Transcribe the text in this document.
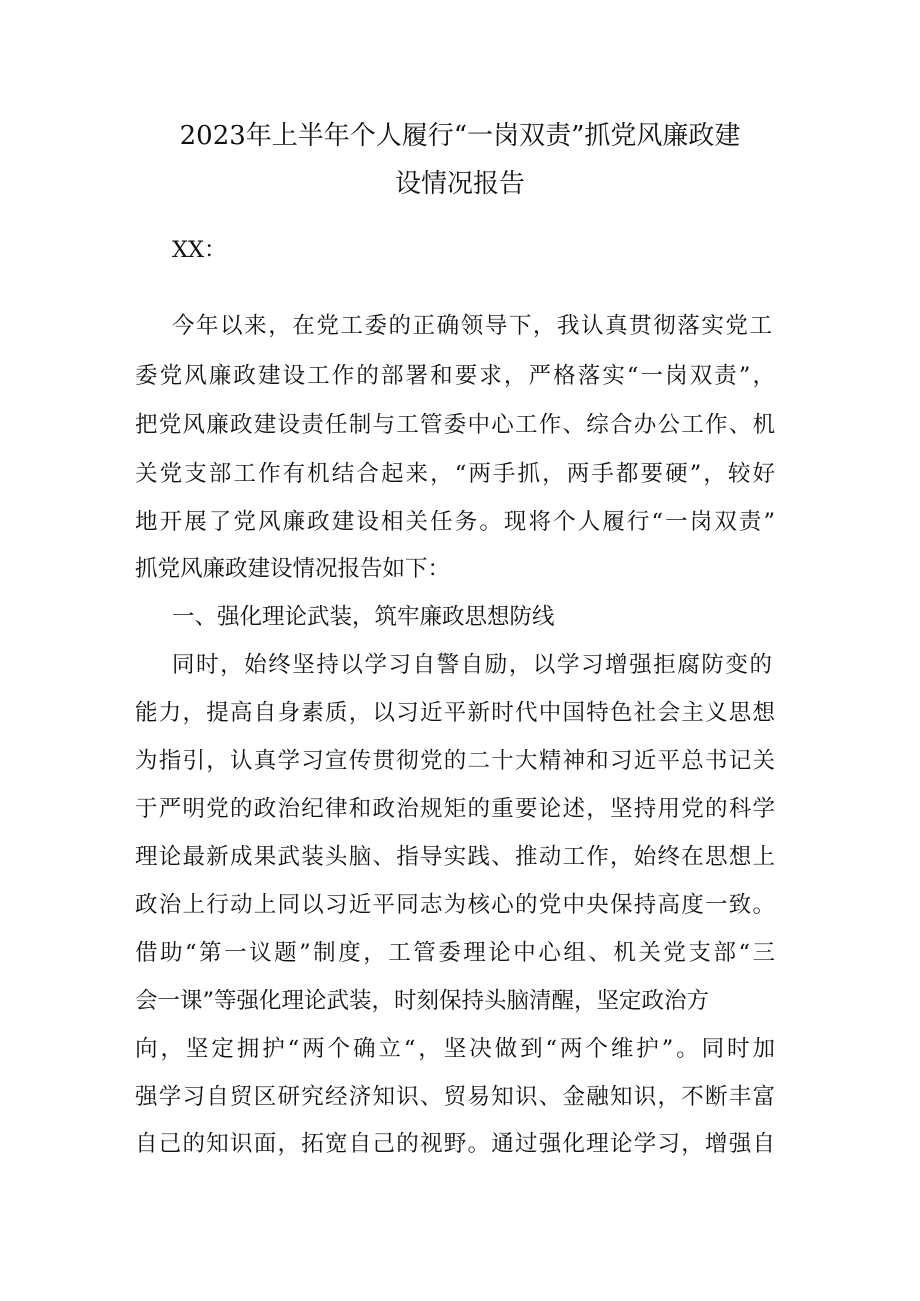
2023年上半年个人履行“一岗双责”抓党风廉政建
设情况报告
XX：
今年以来，在党工委的正确领导下，我认真贯彻落实党工
委党风廉政建设工作的部署和要求，严格落实“一岗双责”，
把党风廉政建设责任制与工管委中心工作、综合办公工作、机
关党支部工作有机结合起来，“两手抓，两手都要硬”，较好
地开展了党风廉政建设相关任务。现将个人履行“一岗双责”
抓党风廉政建设情况报告如下：
一、强化理论武装，筑牢廉政思想防线
同时，始终坚持以学习自警自励，以学习增强拒腐防变的
能力，提高自身素质，以习近平新时代中国特色社会主义思想
为指引，认真学习宣传贯彻党的二十大精神和习近平总书记关
于严明党的政治纪律和政治规矩的重要论述，坚持用党的科学
理论最新成果武装头脑、指导实践、推动工作，始终在思想上
政治上行动上同以习近平同志为核心的党中央保持高度一致。
借助“第一议题”制度，工管委理论中心组、机关党支部“三
会一课”等强化理论武装，时刻保持头脑清醒，坚定政治方
向，坚定拥护“两个确立“，坚决做到“两个维护”。同时加
强学习自贸区研究经济知识、贸易知识、金融知识，不断丰富
自己的知识面，拓宽自己的视野。通过强化理论学习，增强自
